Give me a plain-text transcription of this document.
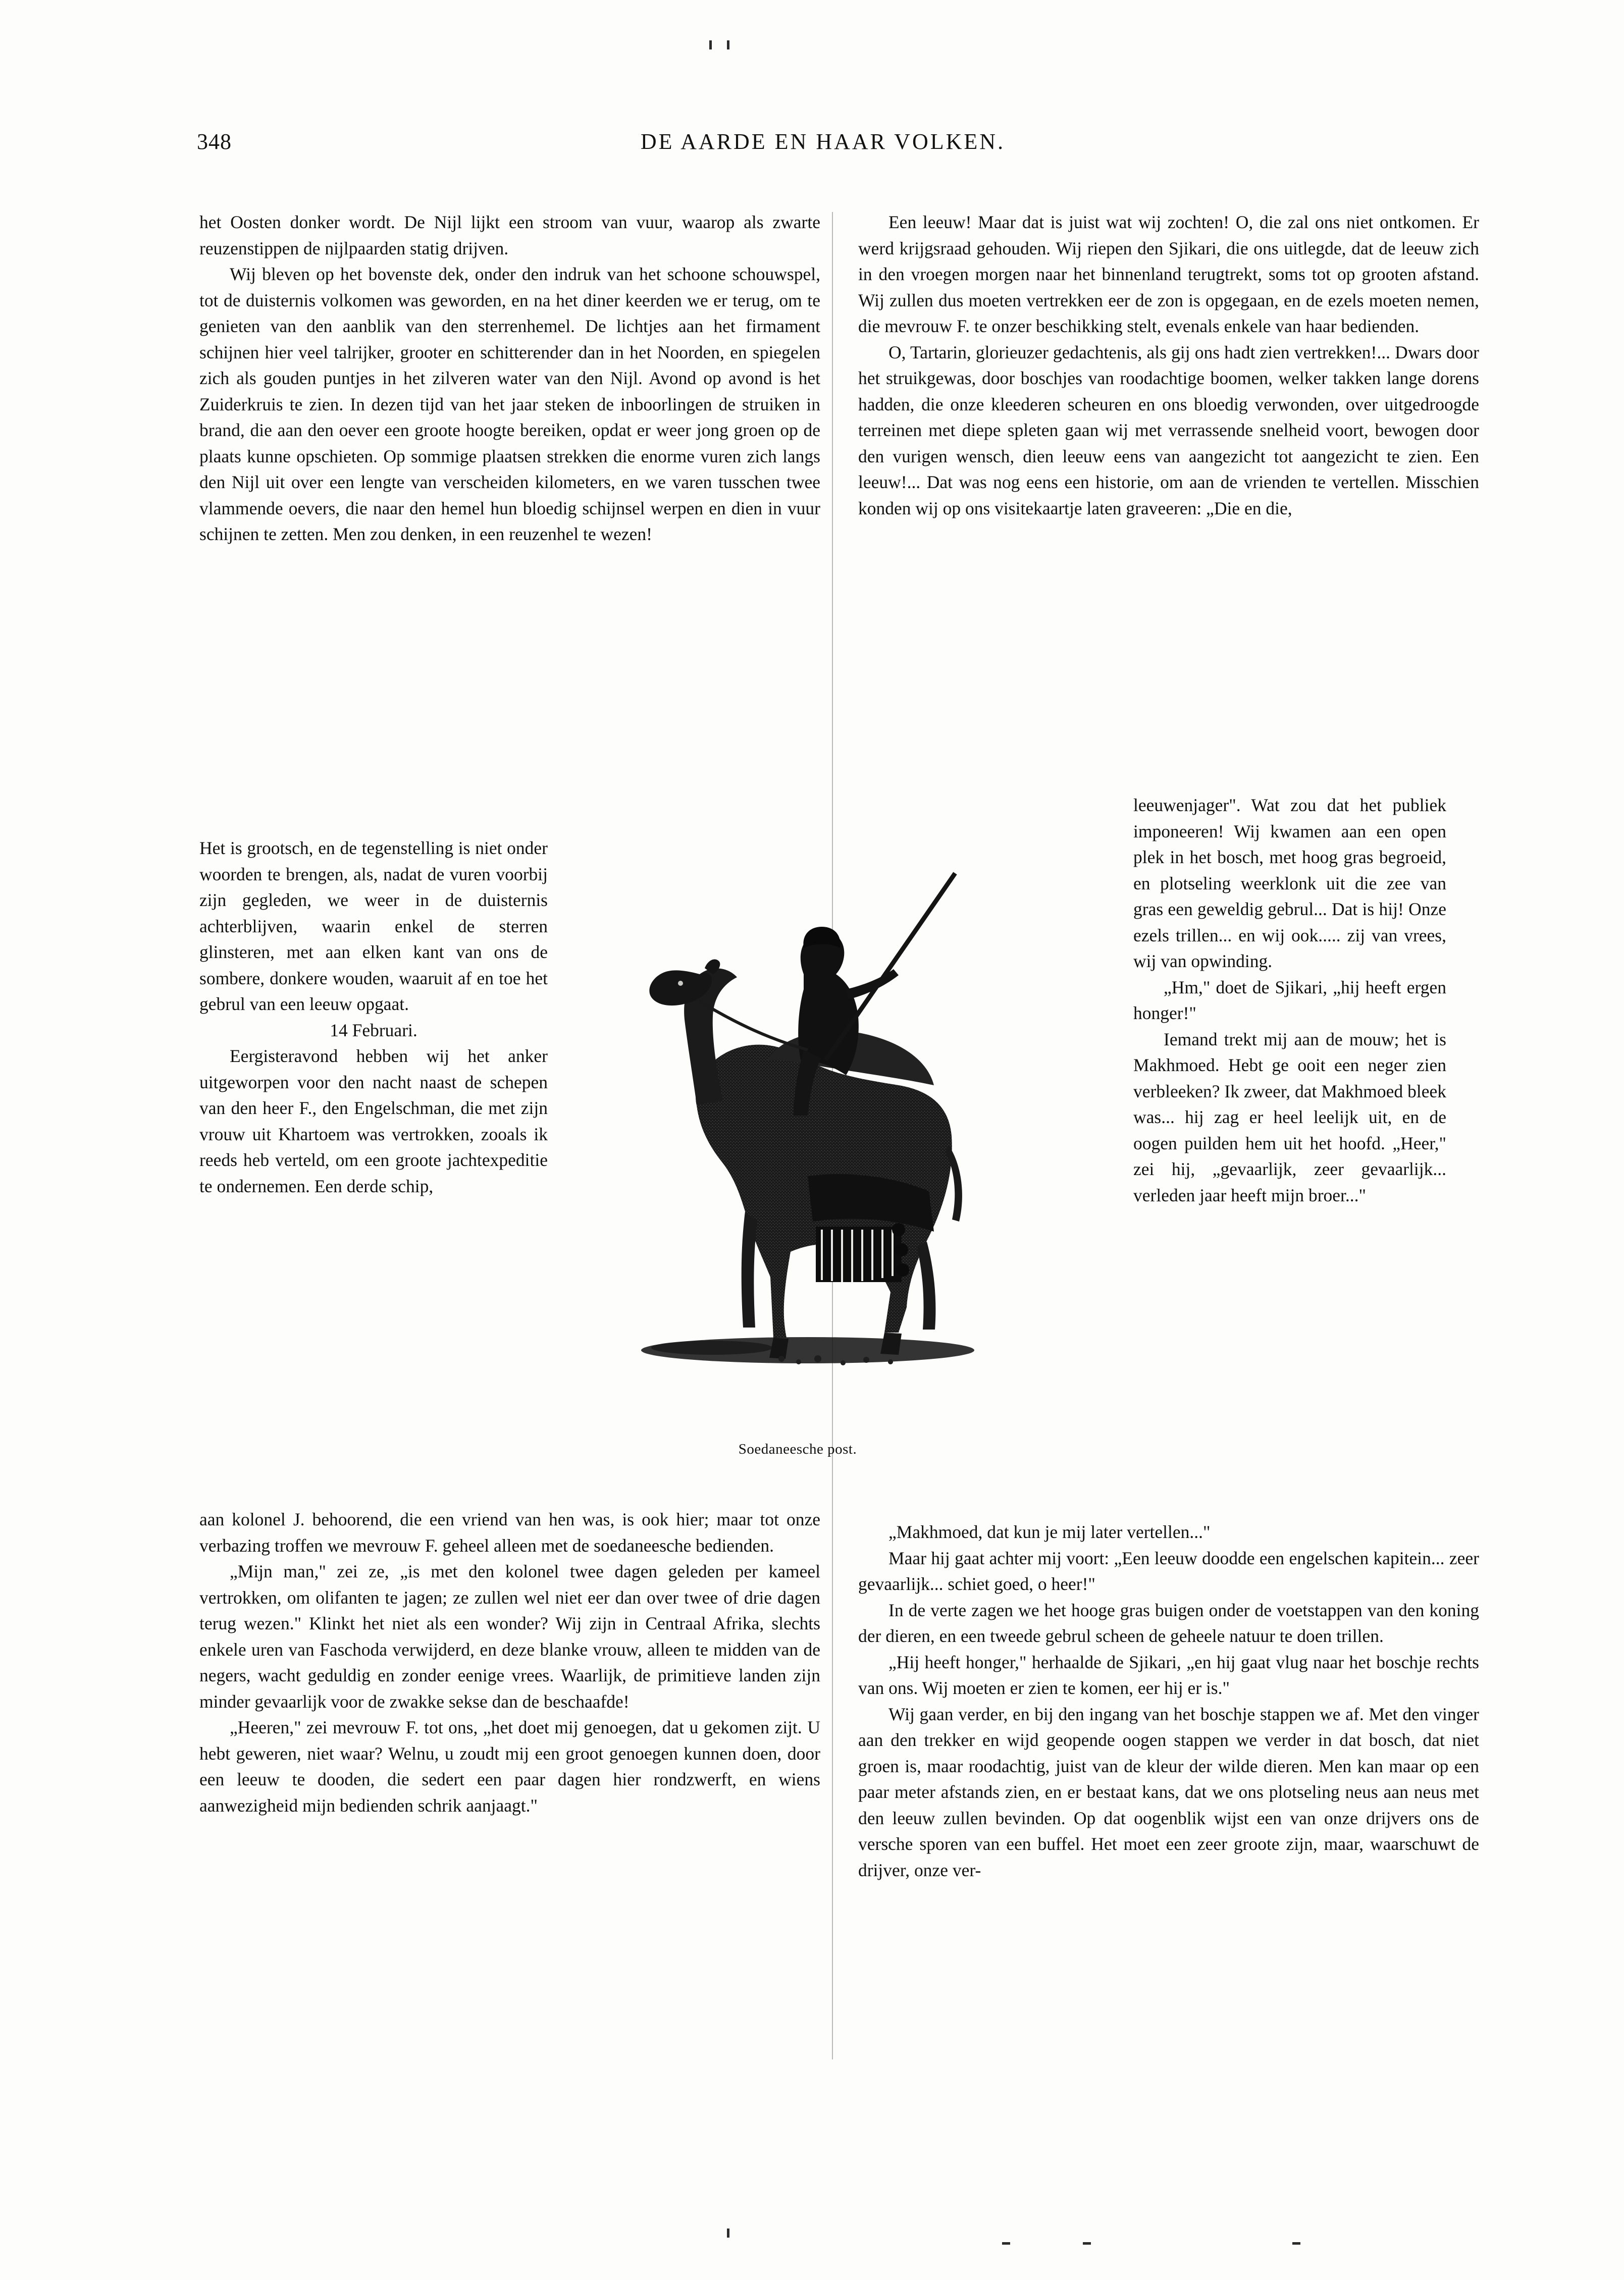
348	DE AARDE EN HAAR VOLKEN.

het Oosten donker wordt. De Nijl lijkt een stroom van vuur, waarop als zwarte reuzenstippen de nijlpaarden statig drijven.

Wij bleven op het bovenste dek, onder den indruk van het schoone schouwspel, tot de duisternis volkomen was geworden, en na het diner keerden we er terug, om te genieten van den aanblik van den sterrenhemel. De lichtjes aan het firmament schijnen hier veel talrijker, grooter en schitterender dan in het Noorden, en spiegelen zich als gouden puntjes in het zilveren water van den Nijl. Avond op avond is het Zuiderkruis te zien. In dezen tijd van het jaar steken de inboorlingen de struiken in brand, die aan den oever een groote hoogte bereiken, opdat er weer jong groen op de plaats kunne opschieten. Op sommige plaatsen strekken die enorme vuren zich langs den Nijl uit over een lengte van verscheiden kilometers, en we varen tusschen twee vlammende oevers, die naar den hemel hun bloedig schijnsel werpen en dien in vuur schijnen te zetten. Men zou denken, in een reuzenhel te wezen!

Het is grootsch, en de tegenstelling is niet onder woorden te brengen, als, nadat de vuren voorbij zijn gegleden, we weer in de duisternis achterblijven, waarin enkel de sterren glinsteren, met aan elken kant van ons de sombere, donkere wouden, waaruit af en toe het gebrul van een leeuw opgaat.

14 Februari.

Eergisteravond hebben wij het anker uitgeworpen voor den nacht naast de schepen van den heer F., den Engelschman, die met zijn vrouw uit Khartoem was vertrokken, zooals ik reeds heb verteld, om een groote jachtexpeditie te ondernemen. Een derde schip,

Soedaneesche post.

aan kolonel J. behoorend, die een vriend van hen was, is ook hier; maar tot onze verbazing troffen we mevrouw F. geheel alleen met de soedaneesche bedienden.

„Mijn man," zei ze, „is met den kolonel twee dagen geleden per kameel vertrokken, om olifanten te jagen; ze zullen wel niet eer dan over twee of drie dagen terug wezen." Klinkt het niet als een wonder? Wij zijn in Centraal Afrika, slechts enkele uren van Faschoda verwijderd, en deze blanke vrouw, alleen te midden van de negers, wacht geduldig en zonder eenige vrees. Waarlijk, de primitieve landen zijn minder gevaarlijk voor de zwakke sekse dan de beschaafde!

„Heeren," zei mevrouw F. tot ons, „het doet mij genoegen, dat u gekomen zijt. U hebt geweren, niet waar? Welnu, u zoudt mij een groot genoegen kunnen doen, door een leeuw te dooden, die sedert een paar dagen hier rondzwerft, en wiens aanwezigheid mijn bedienden schrik aanjaagt."

Een leeuw! Maar dat is juist wat wij zochten! O, die zal ons niet ontkomen. Er werd krijgsraad gehouden. Wij riepen den Sjikari, die ons uitlegde, dat de leeuw zich in den vroegen morgen naar het binnenland terugtrekt, soms tot op grooten afstand. Wij zullen dus moeten vertrekken eer de zon is opgegaan, en de ezels moeten nemen, die mevrouw F. te onzer beschikking stelt, evenals enkele van haar bedienden.

O, Tartarin, glorieuzer gedachtenis, als gij ons hadt zien vertrekken!... Dwars door het struikgewas, door boschjes van roodachtige boomen, welker takken lange dorens hadden, die onze kleederen scheuren en ons bloedig verwonden, over uitgedroogde terreinen met diepe spleten gaan wij met verrassende snelheid voort, bewogen door den vurigen wensch, dien leeuw eens van aangezicht tot aangezicht te zien. Een leeuw!... Dat was nog eens een historie, om aan de vrienden te vertellen. Misschien konden wij op ons visitekaartje laten graveeren: „Die en die,

leeuwenjager". Wat zou dat het publiek imponeeren! Wij kwamen aan een open plek in het bosch, met hoog gras begroeid, en plotseling weerklonk uit die zee van gras een geweldig gebrul... Dat is hij! Onze ezels trillen... en wij ook..... zij van vrees, wij van opwinding.

„Hm," doet de Sjikari, „hij heeft ergen honger!"

Iemand trekt mij aan de mouw; het is Makhmoed. Hebt ge ooit een neger zien verbleeken? Ik zweer, dat Makhmoed bleek was... hij zag er heel leelijk uit, en de oogen puilden hem uit het hoofd. „Heer," zei hij, „gevaarlijk, zeer gevaarlijk... verleden jaar heeft mijn broer..."

„Makhmoed, dat kun je mij later vertellen..."

Maar hij gaat achter mij voort: „Een leeuw doodde een engelschen kapitein... zeer gevaarlijk... schiet goed, o heer!"

In de verte zagen we het hooge gras buigen onder de voetstappen van den koning der dieren, en een tweede gebrul scheen de geheele natuur te doen trillen.

„Hij heeft honger," herhaalde de Sjikari, „en hij gaat vlug naar het boschje rechts van ons. Wij moeten er zien te komen, eer hij er is."

Wij gaan verder, en bij den ingang van het boschje stappen we af. Met den vinger aan den trekker en wijd geopende oogen stappen we verder in dat bosch, dat niet groen is, maar roodachtig, juist van de kleur der wilde dieren. Men kan maar op een paar meter afstands zien, en er bestaat kans, dat we ons plotseling neus aan neus met den leeuw zullen bevinden. Op dat oogenblik wijst een van onze drijvers ons de versche sporen van een buffel. Het moet een zeer groote zijn, maar, waarschuwt de drijver, onze ver-
